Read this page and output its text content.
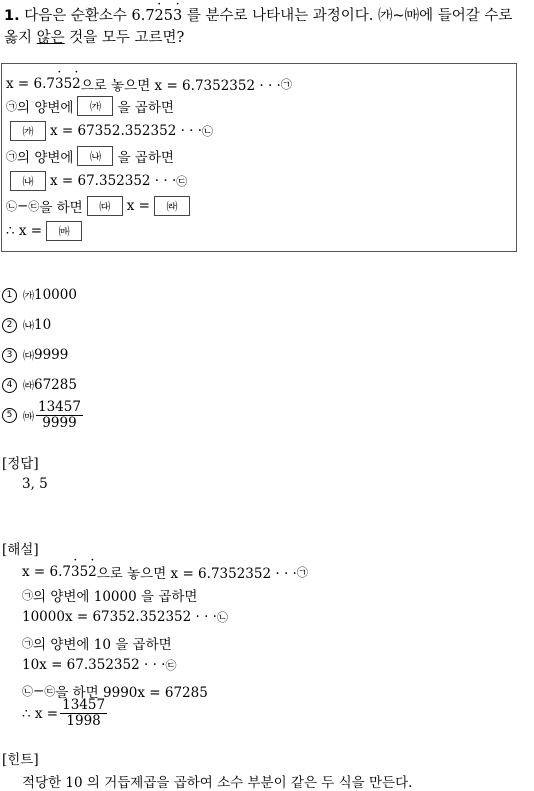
1. 다음은 순환소수 6.7· 25· 3 를 분수로 나타내는 과정이다. ㈎~㈒에 들어갈 수로
옳지 않은 것을 모두 고르면?
x = 6.7 · 3 5 · 2 으로 놓으면 x = 6.7352352 · · · ㉠
㉠ 의 양변에	㈎	을 곱하면
㈎	x = 67352.352352 · · · ㉡
㉠ 의 양변에	㈏	을 곱하면
㈏	x = 67.352352 · · · ㉢
㉡ − ㉢ 을 하면	㈐	x =	㈑
∴ x =	㈒
1 ㈎ 10000
2 ㈏ 10
3 ㈐ 9999
4 ㈑ 67285
5 ㈒ $\frac{13457}{9999}$
[정답]
3, 5
[해설]
x = 6.7 · 3 5 · 2 으로 놓으면 x = 6.7352352 · · · ㉠
㉠ 의 양변에 10000 을 곱하면
10000x = 67352.352352 · · · ㉡
㉠ 의 양변에 10 을 곱하면
10x = 67.352352 · · · ㉢
㉡ − ㉢ 을 하면 9990x = 67285
∴ $x = \frac{13457}{1998}$
[힌트]
적당한 10 의 거듭제곱을 곱하여 소수 부분이 같은 두 식을 만든다.
